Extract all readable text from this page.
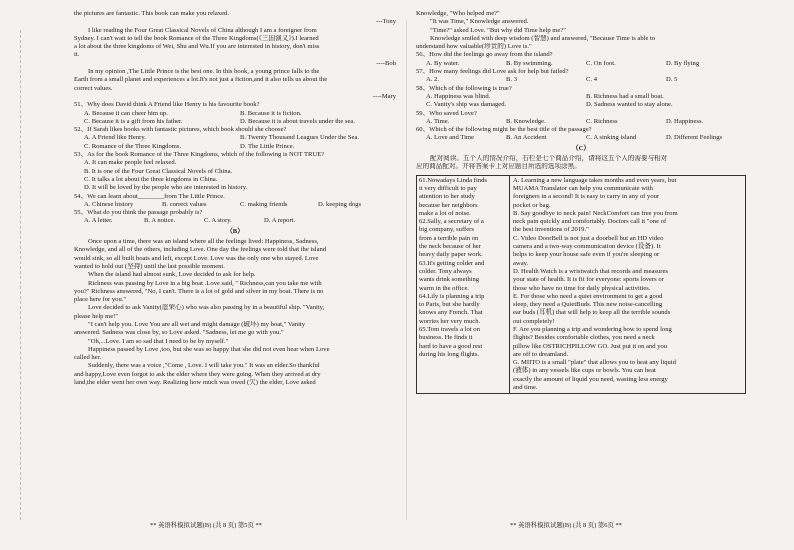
the pictures are fantastic. This book can make you relaxed.
---Tony
I like reading the Four Great Classical Novels of China although I am a foreigner from
Sydney. I can't wait to tell the book Romance of the Three Kingdoms(《三国演义》).I learned
a lot about the three kingdoms of Wei, Shu and Wu.If you are interested in history, don't miss
it.
----Bob
In my opinion ,The Little Prince is the best one. In this book, a young prince falls to the
Earth from a small planet and experiences a lot.It's not just a fiction,and it also tells us about the
correct values.
----Mary
51、Why does David think A Friend like Henry is his favourite book?
A. Because it can cheer him up.	B. Because it is fiction.
C. Because it is a gift from his father.	D. Because it is about travels under the sea.
52、If Sarah likes books with fantastic pictures, which book should she choose?
A. A Friend like Henry.	B. Twenty Thousand Leagues Under the Sea.
C. Romance of the Three Kingdoms.	D. The Little Prince.
53、As for the book Romance of the Three Kingdoms, which of the following is NOT TRUE?
A. It can make people feel relaxed.
B. It is one of the Four Great Classical Novels of China.
C. It talks a lot about the three kingdoms in China.
D. It will be loved by the people who are interested in history.
54、We can learn about________from The Little Prince.
A. Chinese history	B. correct values	C. making friends	D. keeping dogs
55、What do you think the passage probably is?
A. A letter.	B. A notice.	C. A story.	D. A report.
（B）
Once upon a time, there was an island where all the feelings lived: Happiness, Sadness,
Knowledge, and all of the others, including Love. One day the feelings were told that the island
would sink, so all built boats and left, except Love. Love was the only one who stayed. Love
wanted to hold out (坚持) until the last possible moment.
When the island had almost sunk, Love decided to ask for help.
Richness was passing by Love in a big boat .Love said, " Richness,can you take me with
you?" Richness answered, "No, I can't. There is a lot of gold and silver in my boat. There is no
place here for you."
Love decided to ask Vanity(虚荣心) who was also passing by in a beautiful ship. "Vanity,
please help me!"
"I can't help you. Love You are all wet and might damage (破坏) my boat," Vanity
answered. Sadness was close by, so Love asked. "Sadness, let me go with you."
"Oh,...Love. I am so sad that I need to be by myself."
Happiness passed by Love ,too, but she was so happy that she did not even hear when Love
called her.
Suddenly, there was a voice ,"Come , Love. I will take you." It was an elder.So thankful
and happy,Love even forgot to ask the elder where they were going. When they arrived at dry
land,the elder went her own way. Realizing how much was owed (欠) the elder, Love asked
Knowledge, "Who helped me?"
"It was Time," Knowledge answered.
"Time?" asked Love. "But why did Time help me?"
Knowledge smiled with deep wisdom (智慧) and answered, "Because Time is able to
understand how valuable(珍贵的) Love is."
56、How did the feelings go away from the island?
A. By water.	B. By swimming.	C. On foot.	D. By flying
57、How many feelings did Love ask for help but failed?
A. 2.	B. 3	C. 4	D. 5
58、Which of the following is true?
A. Happiness was blind.	B. Richness had a small boat.
C. Vanity's ship was damaged.	D. Sadness wanted to stay alone.
59、Who saved Love?
A. Time.	B. Knowledge.	C. Richness	D. Happiness.
60、Which of the following might be the best title of the passage?
A. Love and Time	B. An Accident	C. A sinking island	D. Different Feelings
（C）
配对阅读。五个人的情况介绍，右栏是七个商品介绍，请将这五个人的需要与相对
应的商品配对。并将答案卡上对应题目所选的选项涂黑。
61.Nowadays Linda finds
it very difficult to pay
attention to her study
because her neighbors
make a lot of noise.
62.Sally, a secretary of a
big company, suffers
from a terrible pain on
the neck because of her
heavy daily paper work.
63.It's getting colder and
colder. Tony always
wants drink something
warm in the office.
64.Lily is planning a trip
to Paris, but she hardly
knows any French. That
worries her very much.
65.Tom travels a lot on
business. He finds it
hard to have a good rest
during his long flights.
A. Learning a new language takes months and even years, but
MUAMA Translator can help you communicate with
foreigners in a second! It is easy to carry in any of your
pocket or bag.
B. Say goodbye to neck pain! NeckComfort can free you from
neck pain quickly and comfortably. Doctors call it "one of
the best inventions of 2019."
C. Video DoorBell is not just a doorbell but an HD video
camera and a two-way communication device (设备). It
helps to keep your house safe even if you're sleeping or
away.
D. Health Watch is a wristwatch that records and measures
your state of health. It is fit for everyone: sports lovers or
those who have no time for daily physical activities.
E. For those who need a quiet environment to get a good
sleep, they need a QuietBuds. This new noise-cancelling
ear buds (耳机) that will help to keep all the terrible sounds
out completely!
F. Are you planning a trip and wondering how to spend long
flights? Besides comfortable clothes, you need a neck
pillow like OSTRICHPILLOW GO. Just put it on and you
are off to dreamland.
G. MIITO is a small "plate" that allows you to heat any liquid
(液体) in any vessels like cups or bowls. You can heat
exactly the amount of liquid you need, wasting less energy
and time.
** 英语科模拟试题(B) (共 8 页) 第5页 **	** 英语科模拟试题(B) (共 8 页) 第6页 **
